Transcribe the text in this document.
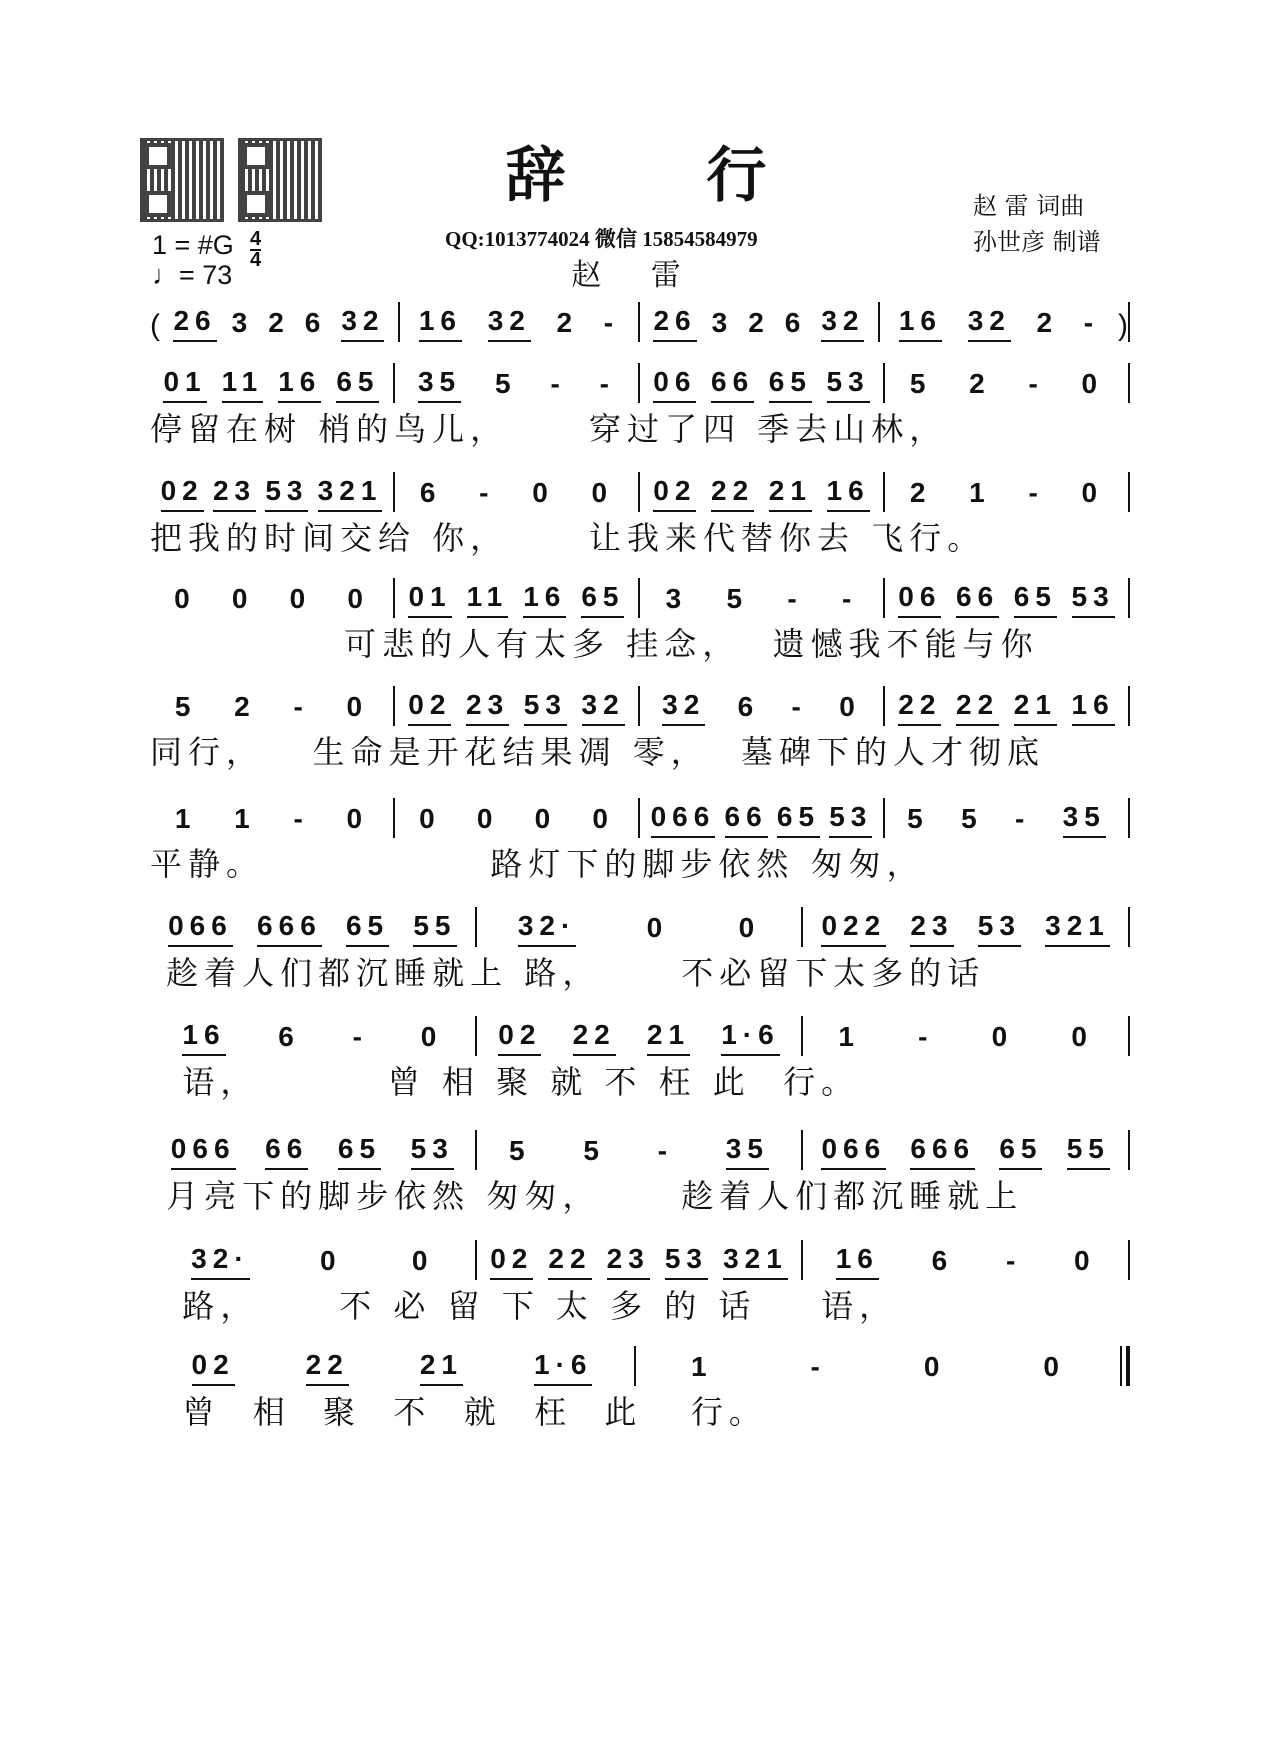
辞 行
QQ:1013774024 微信 15854584979
赵 雷
赵 雷 词曲
孙世彦 制谱
1 = #G
♩= 73
4
4
( 26 3 2 6 32 16 32 2 - 26 3 2 6 32 16 32 2 - )
01 11 16 65 35 5 - - 06 66 65 53 5 2 - 0
停留在树 梢的鸟儿，     穿过了四 季去山林，
02 23 53 321 6 - 0 0 02 22 21 16 2 1 - 0
把我的时间交给 你，     让我来代替你去 飞行。
0 0 0 0 01 11 16 65 3 5 - - 06 66 65 53
可悲的人有太多 挂念，  遗憾我不能与你
5 2 - 0 02 23 53 32 32 6 - 0 22 22 21 16
同行，   生命是开花结果凋 零，  墓碑下的人才彻底
1 1 - 0 0 0 0 0 066 66 65 53 5 5 - 35
平静。              路灯下的脚步依然 匆匆，
066 666 65 55 32·	0	0 022 23 53 321
趁着人们都沉睡就上 路，     不必留下太多的话
16 6 - 0 02 22 21 1·6 1 - 0 0
语，        曾 相 聚 就 不 枉 此  行。
066 66 65 53 5 5 - 35 066 666 65 55
月亮下的脚步依然 匆匆，     趁着人们都沉睡就上
32·	0	0 02 22 23 53 321 16 6 - 0
路，     不 必 留 下 太 多 的 话    语，
02	22	21	1·6	1	-	0	0
曾  相  聚  不  就  枉  此   行。
